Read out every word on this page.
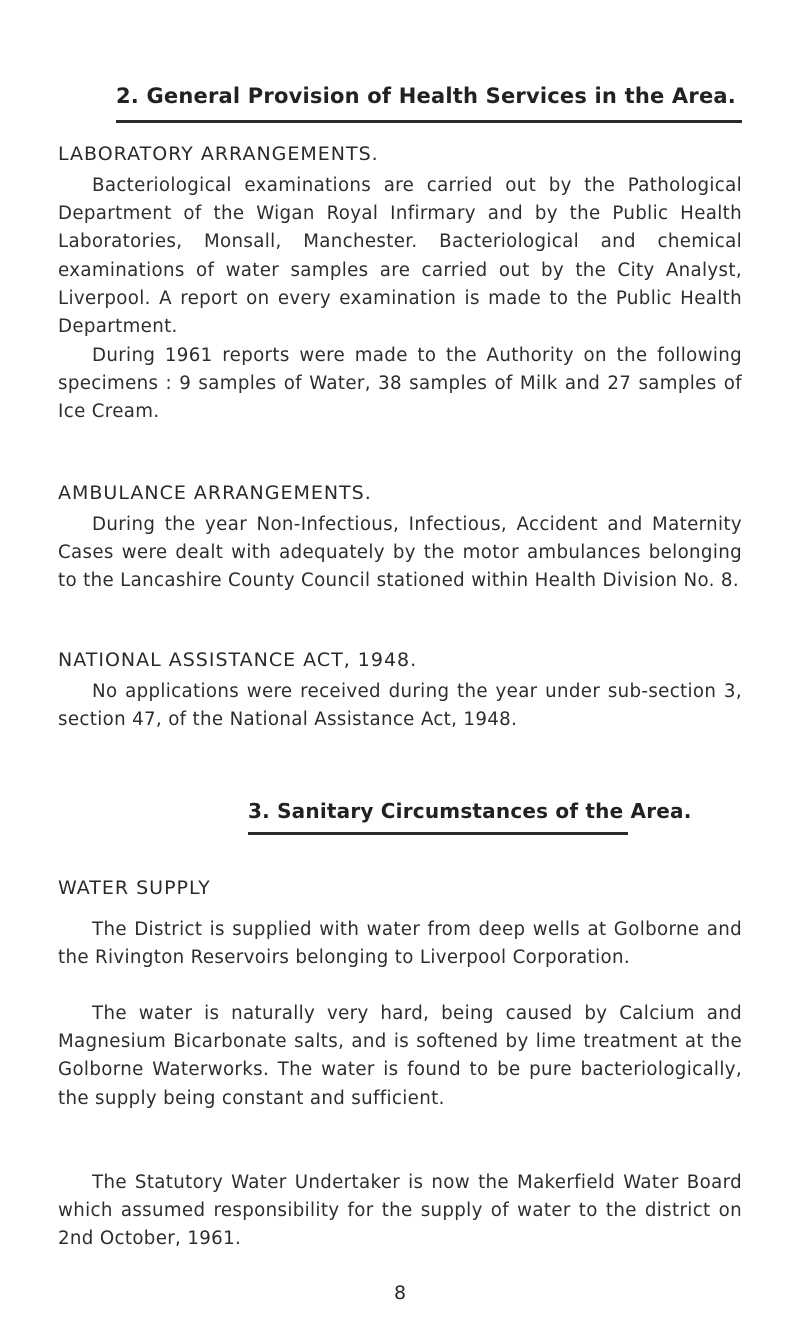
2. General Provision of Health Services in the Area.
LABORATORY ARRANGEMENTS.

Bacteriological examinations are carried out by the Pathological Department of the Wigan Royal Infirmary and by the Public Health Laboratories, Monsall, Manchester. Bacteriological and chemical examinations of water samples are carried out by the City Analyst, Liverpool. A report on every examination is made to the Public Health Department.

During 1961 reports were made to the Authority on the following specimens : 9 samples of Water, 38 samples of Milk and 27 samples of Ice Cream.

AMBULANCE ARRANGEMENTS.

During the year Non-Infectious, Infectious, Accident and Maternity Cases were dealt with adequately by the motor ambulances belonging to the Lancashire County Council stationed within Health Division No. 8.

NATIONAL ASSISTANCE ACT, 1948.

No applications were received during the year under sub-section 3, section 47, of the National Assistance Act, 1948.

3. Sanitary Circumstances of the Area.
WATER SUPPLY

The District is supplied with water from deep wells at Golborne and the Rivington Reservoirs belonging to Liverpool Corporation.

The water is naturally very hard, being caused by Calcium and Magnesium Bicarbonate salts, and is softened by lime treatment at the Golborne Waterworks. The water is found to be pure bacteriologically, the supply being constant and sufficient.

The Statutory Water Undertaker is now the Makerfield Water Board which assumed responsibility for the supply of water to the district on 2nd October, 1961.

8
